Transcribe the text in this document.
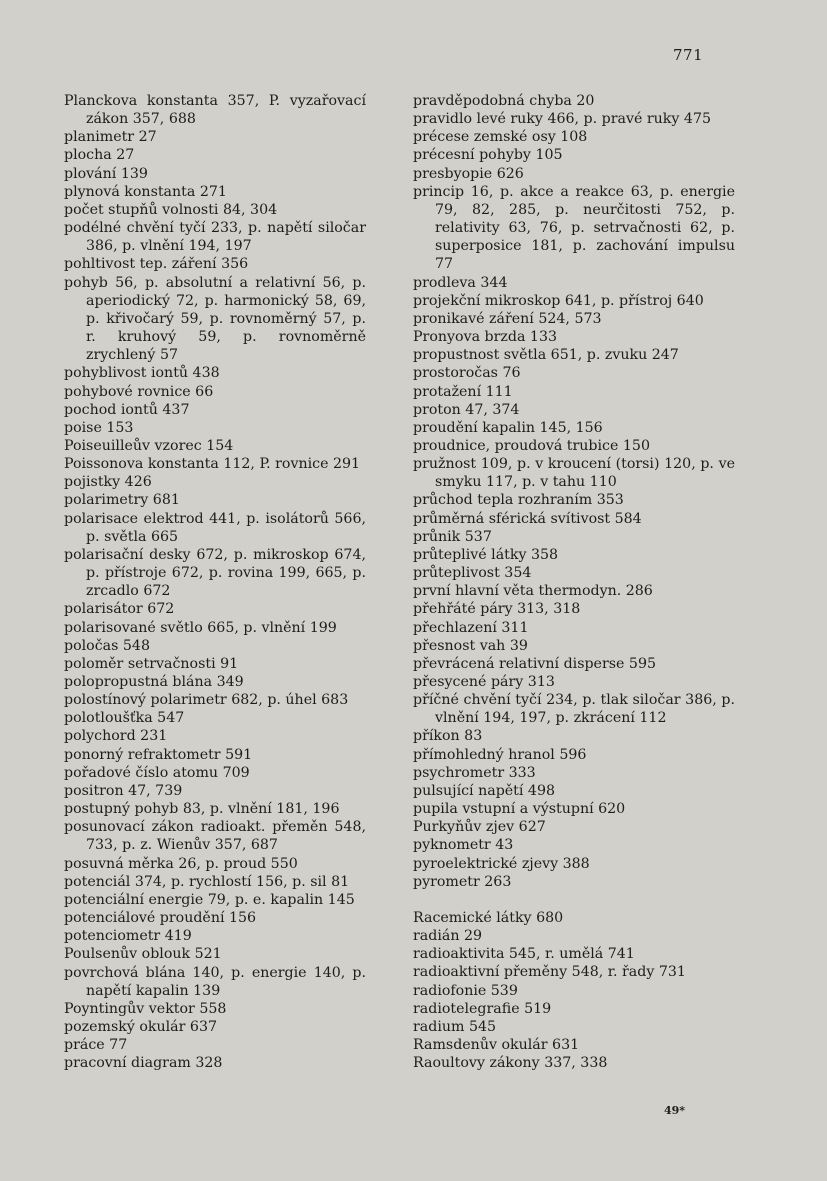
771
Planckova konstanta 357, P. vyzařovací zákon 357, 688
planimetr 27
plocha 27
plování 139
plynová konstanta 271
počet stupňů volnosti 84, 304
podélné chvění tyčí 233, p. napětí siločar 386, p. vlnění 194, 197
pohltivost tep. záření 356
pohyb 56, p. absolutní a relativní 56, p. aperiodický 72, p. harmonický 58, 69, p. křivočarý 59, p. rovnoměrný 57, p. r. kruhový 59, p. rovnoměrně zrychlený 57
pohyblivost iontů 438
pohybové rovnice 66
pochod iontů 437
poise 153
Poiseuilleův vzorec 154
Poissonova konstanta 112, P. rovnice 291
pojistky 426
polarimetry 681
polarisace elektrod 441, p. isolátorů 566, p. světla 665
polarisační desky 672, p. mikroskop 674, p. přístroje 672, p. rovina 199, 665, p. zrcadlo 672
polarisátor 672
polarisované světlo 665, p. vlnění 199
poločas 548
poloměr setrvačnosti 91
polopropustná blána 349
polostínový polarimetr 682, p. úhel 683
polotloušťka 547
polychord 231
ponorný refraktometr 591
pořadové číslo atomu 709
positron 47, 739
postupný pohyb 83, p. vlnění 181, 196
posunovací zákon radioakt. přeměn 548, 733, p. z. Wienův 357, 687
posuvná měrka 26, p. proud 550
potenciál 374, p. rychlostí 156, p. sil 81
potenciální energie 79, p. e. kapalin 145
potenciálové proudění 156
potenciometr 419
Poulsenův oblouk 521
povrchová blána 140, p. energie 140, p. napětí kapalin 139
Poyntingův vektor 558
pozemský okulár 637
práce 77
pracovní diagram 328
pravděpodobná chyba 20
pravidlo levé ruky 466, p. pravé ruky 475
précese zemské osy 108
précesní pohyby 105
presbyopie 626
princip 16, p. akce a reakce 63, p. energie 79, 82, 285, p. neurčitosti 752, p. relativity 63, 76, p. setrvačnosti 62, p. superposice 181, p. zachování impulsu 77
prodleva 344
projekční mikroskop 641, p. přístroj 640
pronikavé záření 524, 573
Pronyova brzda 133
propustnost světla 651, p. zvuku 247
prostoročas 76
protažení 111
proton 47, 374
proudění kapalin 145, 156
proudnice, proudová trubice 150
pružnost 109, p. v kroucení (torsi) 120, p. ve smyku 117, p. v tahu 110
průchod tepla rozhraním 353
průměrná sférická svítivost 584
průnik 537
průteplivé látky 358
průteplivost 354
první hlavní věta thermodyn. 286
přehřáté páry 313, 318
přechlazení 311
přesnost vah 39
převrácená relativní disperse 595
přesycené páry 313
příčné chvění tyčí 234, p. tlak siločar 386, p. vlnění 194, 197, p. zkrácení 112
příkon 83
přímohledný hranol 596
psychrometr 333
pulsující napětí 498
pupila vstupní a výstupní 620
Purkyňův zjev 627
pyknometr 43
pyroelektrické zjevy 388
pyrometr 263
Racemické látky 680
radián 29
radioaktivita 545, r. umělá 741
radioaktivní přeměny 548, r. řady 731
radiofonie 539
radiotelegrafie 519
radium 545
Ramsdenův okulár 631
Raoultovy zákony 337, 338
49*
